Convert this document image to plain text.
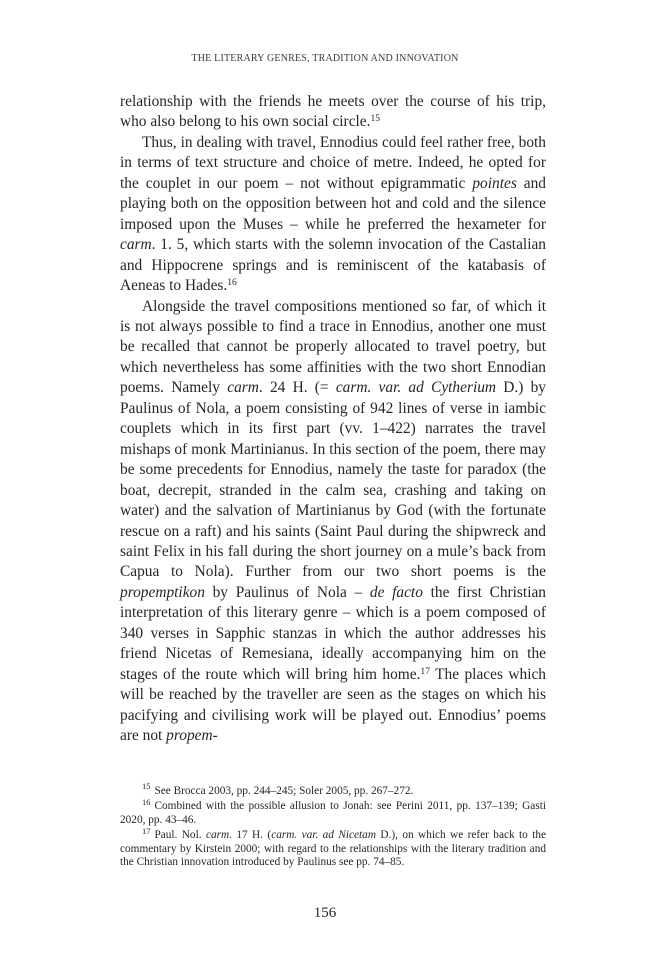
THE LITERARY GENRES, TRADITION AND INNOVATION

relationship with the friends he meets over the course of his trip, who also belong to his own social circle.$^{15}$

Thus, in dealing with travel, Ennodius could feel rather free, both in terms of text structure and choice of metre. Indeed, he opted for the couplet in our poem – not without epigrammatic pointes and playing both on the opposition between hot and cold and the silence imposed upon the Muses – while he preferred the hexameter for carm. 1. 5, which starts with the solemn invocation of the Castalian and Hippocrene springs and is reminiscent of the katabasis of Aeneas to Hades.$^{16}$

Alongside the travel compositions mentioned so far, of which it is not always possible to find a trace in Ennodius, another one must be recalled that cannot be properly allocated to travel poetry, but which nevertheless has some affinities with the two short Ennodian poems. Namely carm. 24 H. (= carm. var. ad Cytherium D.) by Paulinus of Nola, a poem consisting of 942 lines of verse in iambic couplets which in its first part (vv. 1–422) narrates the travel mishaps of monk Martinianus. In this section of the poem, there may be some precedents for Ennodius, namely the taste for paradox (the boat, decrepit, stranded in the calm sea, crashing and taking on water) and the salvation of Martinianus by God (with the fortunate rescue on a raft) and his saints (Saint Paul during the shipwreck and saint Felix in his fall during the short journey on a mule’s back from Capua to Nola). Further from our two short poems is the propemptikon by Paulinus of Nola – de facto the first Christian interpretation of this literary genre – which is a poem composed of 340 verses in Sapphic stanzas in which the author addresses his friend Nicetas of Remesiana, ideally accompanying him on the stages of the route which will bring him home.$^{17}$ The places which will be reached by the traveller are seen as the stages on which his pacifying and civilising work will be played out. Ennodius’ poems are not propem-

$^{15}$ See Brocca 2003, pp. 244–245; Soler 2005, pp. 267–272.

$^{16}$ Combined with the possible allusion to Jonah: see Perini 2011, pp. 137–139; Gasti 2020, pp. 43–46.

$^{17}$ Paul. Nol. carm. 17 H. (carm. var. ad Nicetam D.), on which we refer back to the commentary by Kirstein 2000; with regard to the relationships with the literary tradition and the Christian innovation introduced by Paulinus see pp. 74–85.

156
